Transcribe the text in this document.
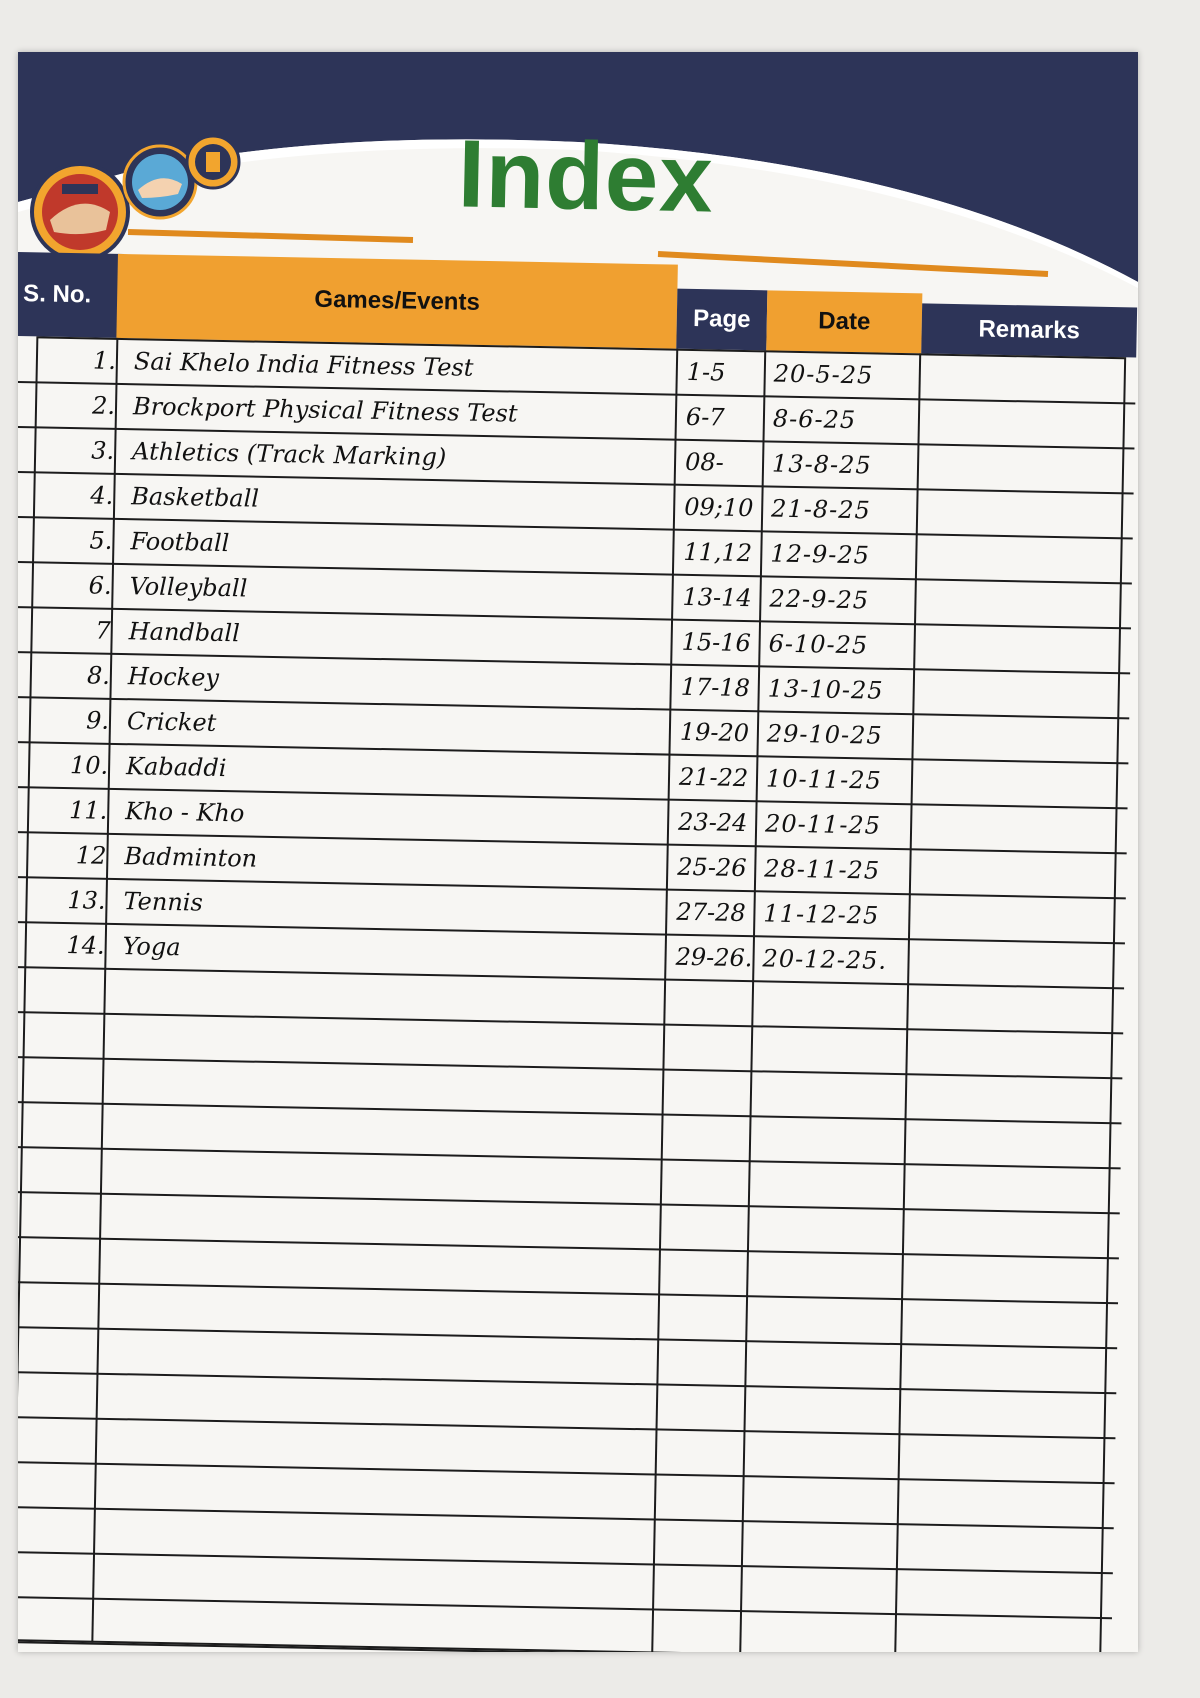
Index
S. No.	Games/Events
Page	Date	Remarks
1. Sai Khelo India Fitness Test	1-5	20-5-25
2. Brockport Physical Fitness Test	6-7	8-6-25
3. Athletics (Track Marking)	08-	13-8-25
4. Basketball	09;10 21-8-25
5. Football	11,12 12-9-25
6. Volleyball	13-14 22-9-25
7 Handball	15-16 6-10-25
8. Hockey	17-18 13-10-25
9. Cricket	19-20 29-10-25
10. Kabaddi	21-22 10-11-25
11. Kho - Kho	23-24 20-11-25
12 Badminton	25-26 28-11-25
13. Tennis	27-28 11-12-25
14. Yoga	29-26. 20-12-25.
